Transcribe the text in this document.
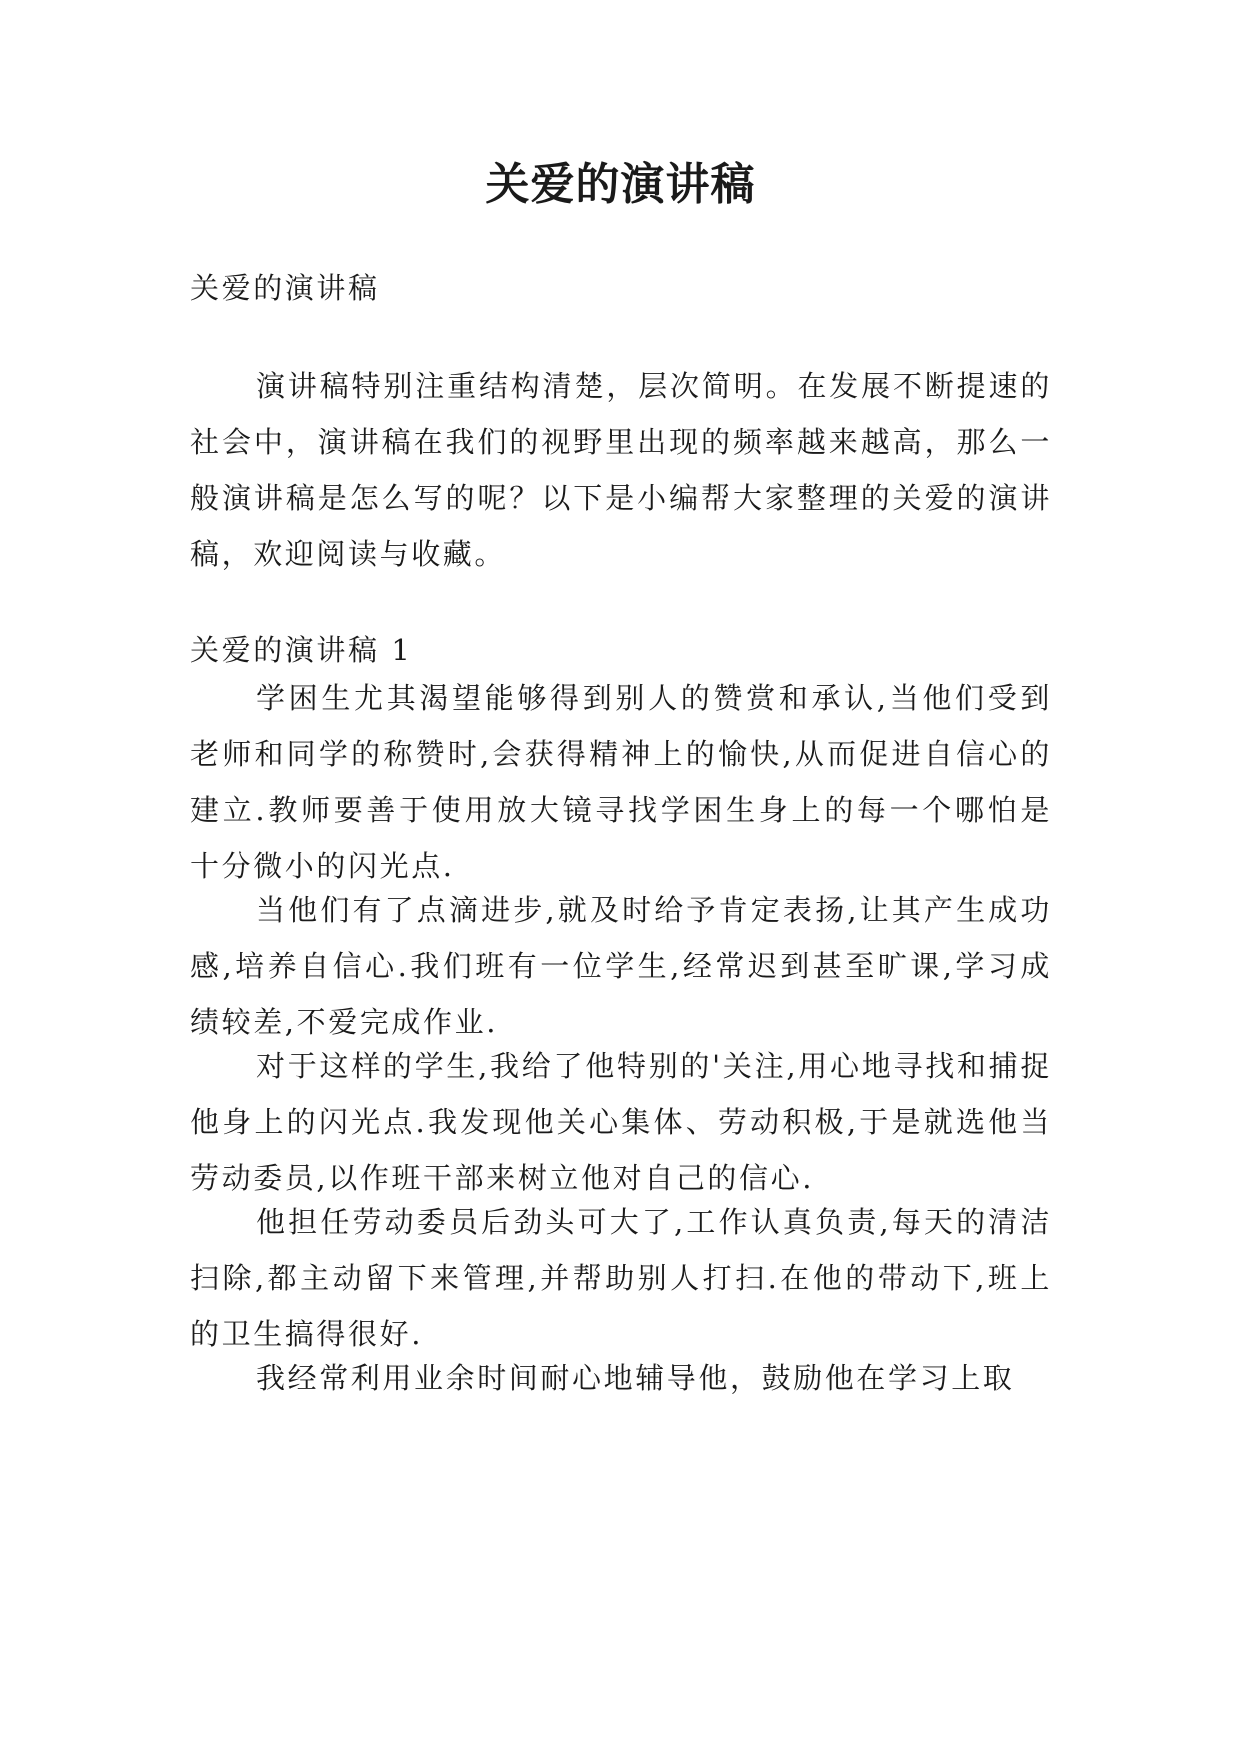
关爱的演讲稿
关爱的演讲稿

演讲稿特别注重结构清楚，层次简明。在发展不断提速的社会中，演讲稿在我们的视野里出现的频率越来越高，那么一般演讲稿是怎么写的呢？以下是小编帮大家整理的关爱的演讲稿，欢迎阅读与收藏。

关爱的演讲稿 1

学困生尤其渴望能够得到别人的赞赏和承认,当他们受到老师和同学的称赞时,会获得精神上的愉快,从而促进自信心的建立.教师要善于使用放大镜寻找学困生身上的每一个哪怕是十分微小的闪光点.

当他们有了点滴进步,就及时给予肯定表扬,让其产生成功感,培养自信心.我们班有一位学生,经常迟到甚至旷课,学习成绩较差,不爱完成作业.

对于这样的学生,我给了他特别的'关注,用心地寻找和捕捉他身上的闪光点.我发现他关心集体、劳动积极,于是就选他当劳动委员,以作班干部来树立他对自己的信心.

他担任劳动委员后劲头可大了,工作认真负责,每天的清洁扫除,都主动留下来管理,并帮助别人打扫.在他的带动下,班上的卫生搞得很好.

我经常利用业余时间耐心地辅导他，鼓励他在学习上取
